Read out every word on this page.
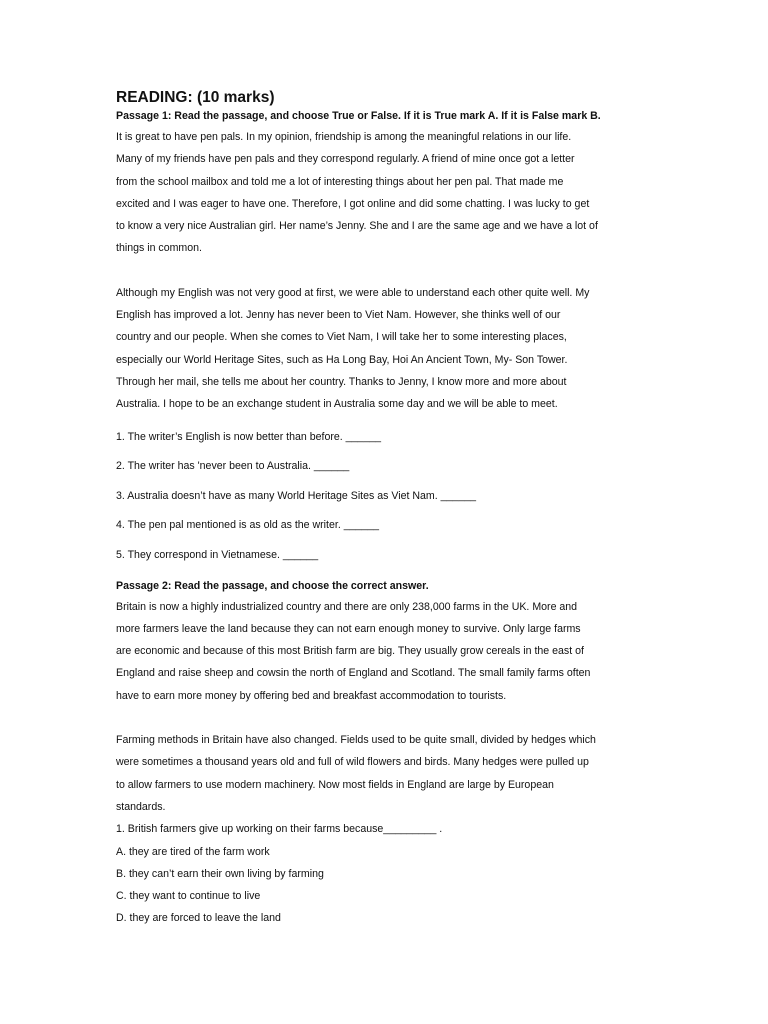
READING: (10 marks)
Passage 1: Read the passage, and choose True or False. If it is True mark A. If it is False mark B.
It is great to have pen pals. In my opinion, friendship is among the meaningful relations in our life.
Many of my friends have pen pals and they correspond regularly. A friend of mine once got a letter
from the school mailbox and told me a lot of interesting things about her pen pal. That made me
excited and I was eager to have one. Therefore, I got online and did some chatting. I was lucky to get
to know a very nice Australian girl. Her name’s Jenny. She and I are the same age and we have a lot of
things in common.
Although my English was not very good at first, we were able to understand each other quite well. My
English has improved a lot. Jenny has never been to Viet Nam. However, she thinks well of our
country and our people. When she comes to Viet Nam, I will take her to some interesting places,
especially our World Heritage Sites, such as Ha Long Bay, Hoi An Ancient Town, My- Son Tower.
Through her mail, she tells me about her country. Thanks to Jenny, I know more and more about
Australia. I hope to be an exchange student in Australia some day and we will be able to meet.
1. The writer’s English is now better than before. ______
2. The writer has 'never been to Australia. ______
3. Australia doesn’t have as many World Heritage Sites as Viet Nam. ______
4. The pen pal mentioned is as old as the writer. ______
5. They correspond in Vietnamese. ______
Passage 2: Read the passage, and choose the correct answer.
Britain is now a highly industrialized country and there are only 238,000 farms in the UK. More and
more farmers leave the land because they can not earn enough money to survive. Only large farms
are economic and because of this most British farm are big. They usually grow cereals in the east of
England and raise sheep and cowsin the north of England and Scotland. The small family farms often
have to earn more money by offering bed and breakfast accommodation to tourists.
Farming methods in Britain have also changed. Fields used to be quite small, divided by hedges which
were sometimes a thousand years old and full of wild flowers and birds. Many hedges were pulled up
to allow farmers to use modern machinery. Now most fields in England are large by European
standards.
1. British farmers give up working on their farms because_________ .
A. they are tired of the farm work
B. they can’t earn their own living by farming
C. they want to continue to live
D. they are forced to leave the land
